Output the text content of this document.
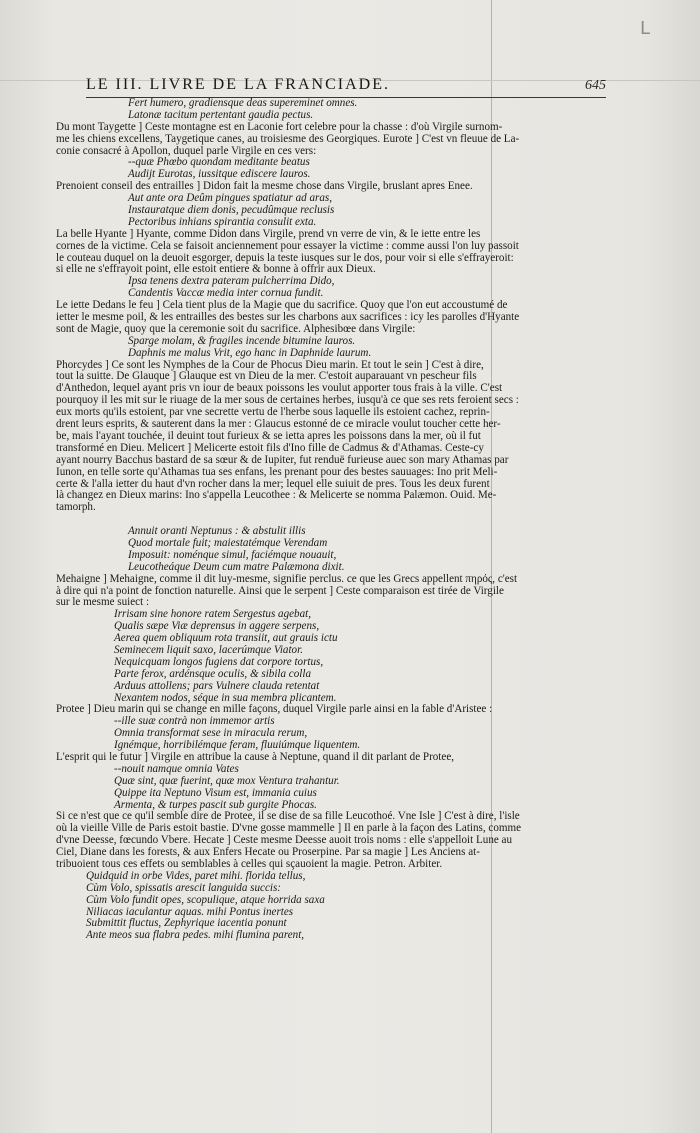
L
LE III. LIVRE DE LA FRANCIADE.	645
Fert humero, gradiensque deas supereminet omnes.
Latonæ tacitum pertentant gaudia pectus.
Du mont Taygette ] Ceste montagne est en Laconie fort celebre pour la chasse : d'où Virgile surnom-
me les chiens excellens, Taygetique canes, au troisiesme des Georgiques. Eurote ] C'est vn fleuue de La-
conie consacré à Apollon, duquel parle Virgile en ces vers:
--quæ Phœbo quondam meditante beatus
Audijt Eurotas, iussitque ediscere lauros.
Prenoient conseil des entrailles ] Didon fait la mesme chose dans Virgile, bruslant apres Enee.
Aut ante ora Deûm pingues spatiatur ad aras,
Instauratque diem donis, pecudûmque reclusis
Pectoribus inhians spirantia consulit exta.
La belle Hyante ] Hyante, comme Didon dans Virgile, prend vn verre de vin, & le iette entre les
cornes de la victime. Cela se faisoit anciennement pour essayer la victime : comme aussi l'on luy passoit
le couteau duquel on la deuoit esgorger, depuis la teste iusques sur le dos, pour voir si elle s'effrayeroit:
si elle ne s'effrayoit point, elle estoit entiere & bonne à offrir aux Dieux.
Ipsa tenens dextra pateram pulcherrima Dido,
Candentis Vaccæ media inter cornua fundit.
Le iette Dedans le feu ] Cela tient plus de la Magie que du sacrifice. Quoy que l'on eut accoustumé de
ietter le mesme poil, & les entrailles des bestes sur les charbons aux sacrifices : icy les parolles d'Hyante
sont de Magie, quoy que la ceremonie soit du sacrifice. Alphesibœe dans Virgile:
Sparge molam, & fragiles incende bitumine lauros.
Daphnis me malus Vrit, ego hanc in Daphnide laurum.
Phorcydes ] Ce sont les Nymphes de la Cour de Phocus Dieu marin. Et tout le sein ] C'est à dire,
tout la suitte. De Glauque ] Glauque est vn Dieu de la mer. C'estoit auparauant vn pescheur fils
d'Anthedon, lequel ayant pris vn iour de beaux poissons les voulut apporter tous frais à la ville. C'est
pourquoy il les mit sur le riuage de la mer sous de certaines herbes, iusqu'à ce que ses rets feroient secs :
eux morts qu'ils estoient, par vne secrette vertu de l'herbe sous laquelle ils estoient cachez, reprin-
drent leurs esprits, & sauterent dans la mer : Glaucus estonné de ce miracle voulut toucher cette her-
be, mais l'ayant touchée, il deuint tout furieux & se ietta apres les poissons dans la mer, où il fut
transformé en Dieu. Melicert ] Melicerte estoit fils d'Ino fille de Cadmus & d'Athamas. Ceste-cy
ayant nourry Bacchus bastard de sa sœur & de Iupiter, fut renduë furieuse auec son mary Athamas par
Iunon, en telle sorte qu'Athamas tua ses enfans, les prenant pour des bestes sauuages: Ino prit Meli-
certe & l'alla ietter du haut d'vn rocher dans la mer; lequel elle suiuit de pres. Tous les deux furent
là changez en Dieux marins: Ino s'appella Leucothee : & Melicerte se nomma Palæmon. Ouid. Me-
tamorph.
Annuit oranti Neptunus : & abstulit illis
Quod mortale fuit; maiestatémque Verendam
Imposuit: noménque simul, faciémque nouauit,
Leucotheáque Deum cum matre Palæmona dixit.
Mehaigne ] Mehaigne, comme il dit luy-mesme, signifie perclus. ce que les Grecs appellent πηρός, c'est
à dire qui n'a point de fonction naturelle. Ainsi que le serpent ] Ceste comparaison est tirée de Virgile
sur le mesme suiect :
Irrisam sine honore ratem Sergestus agebat,
Qualis sæpe Viæ deprensus in aggere serpens,
Aerea quem obliquum rota transiit, aut grauis ictu
Seminecem liquit saxo, lacerúmque Viator.
Nequicquam longos fugiens dat corpore tortus,
Parte ferox, ardénsque oculis, & sibila colla
Arduus attollens; pars Vulnere clauda retentat
Nexantem nodos, séque in sua membra plicantem.
Protee ] Dieu marin qui se change en mille façons, duquel Virgile parle ainsi en la fable d'Aristee :
--ille suæ contrà non immemor artis
Omnia transformat sese in miracula rerum,
Ignémque, horribilémque feram, fluuiúmque liquentem.
L'esprit qui le futur ] Virgile en attribue la cause à Neptune, quand il dit parlant de Protee,
--nouit namque omnia Vates
Quæ sint, quæ fuerint, quæ mox Ventura trahantur.
Quippe ita Neptuno Visum est, immania cuius
Armenta, & turpes pascit sub gurgite Phocas.
Si ce n'est que ce qu'il semble dire de Protee, il se dise de sa fille Leucothoé. Vne Isle ] C'est à dire, l'isle
où la vieille Ville de Paris estoit bastie. D'vne gosse mammelle ] Il en parle à la façon des Latins, comme
d'vne Deesse, fœcundo Vbere. Hecate ] Ceste mesme Deesse auoit trois noms : elle s'appelloit Lune au
Ciel, Diane dans les forests, & aux Enfers Hecate ou Proserpine. Par sa magie ] Les Anciens at-
tribuoient tous ces effets ou semblables à celles qui sçauoient la magie. Petron. Arbiter.
Quidquid in orbe Vides, paret mihi. florida tellus,
Cùm Volo, spissatis arescit languida succis:
Cùm Volo fundit opes, scopulique, atque horrida saxa
Niliacas iaculantur aquas. mihi Pontus inertes
Submittit fluctus, Zephyrique iacentia ponunt
Ante meos sua flabra pedes. mihi flumina parent,
